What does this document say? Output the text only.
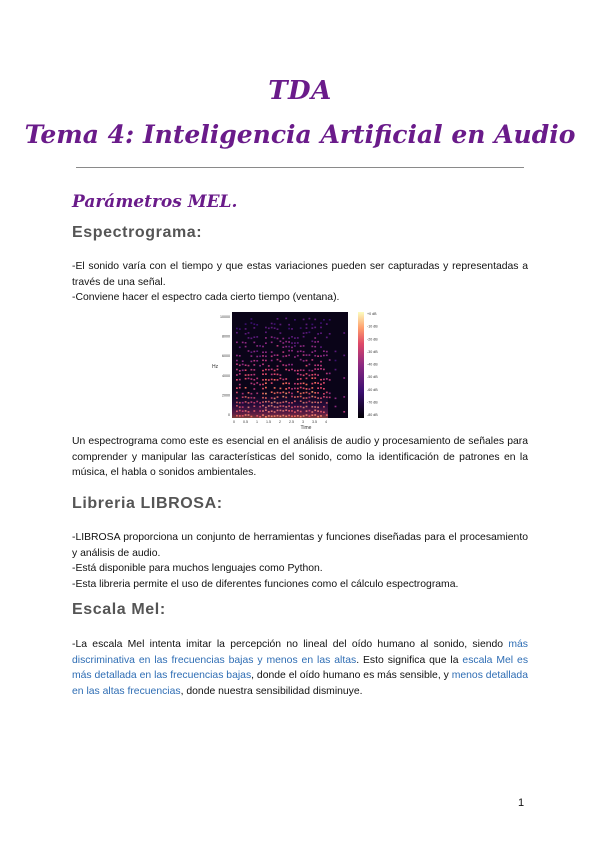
TDA
Tema 4: Inteligencia Artificial en Audio
Parámetros MEL.
Espectrograma:

-El sonido varía con el tiempo y que estas variaciones pueden ser capturadas y representadas a través de una señal.

-Conviene hacer el espectro cada cierto tiempo (ventana).

10000
8000
6000
4000
2000
0
0 0.5 1 1.5 2 2.5 3 3.5 4
Time
Hz
+0 dB
-10 dB
-20 dB
-30 dB
-40 dB
-50 dB
-60 dB
-70 dB
-80 dB
Un espectrograma como este es esencial en el análisis de audio y procesamiento de señales para comprender y manipular las características del sonido, como la identificación de patrones en la música, el habla o sonidos ambientales.
Libreria LIBROSA:

-LIBROSA proporciona un conjunto de herramientas y funciones diseñadas para el procesamiento y análisis de audio.

-Está disponible para muchos lenguajes como Python.

-Esta libreria permite el uso de diferentes funciones como el cálculo espectrograma.

Escala Mel:
-La escala Mel intenta imitar la percepción no lineal del oído humano al sonido, siendo más discriminativa en las frecuencias bajas y menos en las altas. Esto significa que la escala Mel es más detallada en las frecuencias bajas, donde el oído humano es más sensible, y menos detallada en las altas frecuencias, donde nuestra sensibilidad disminuye.
1
